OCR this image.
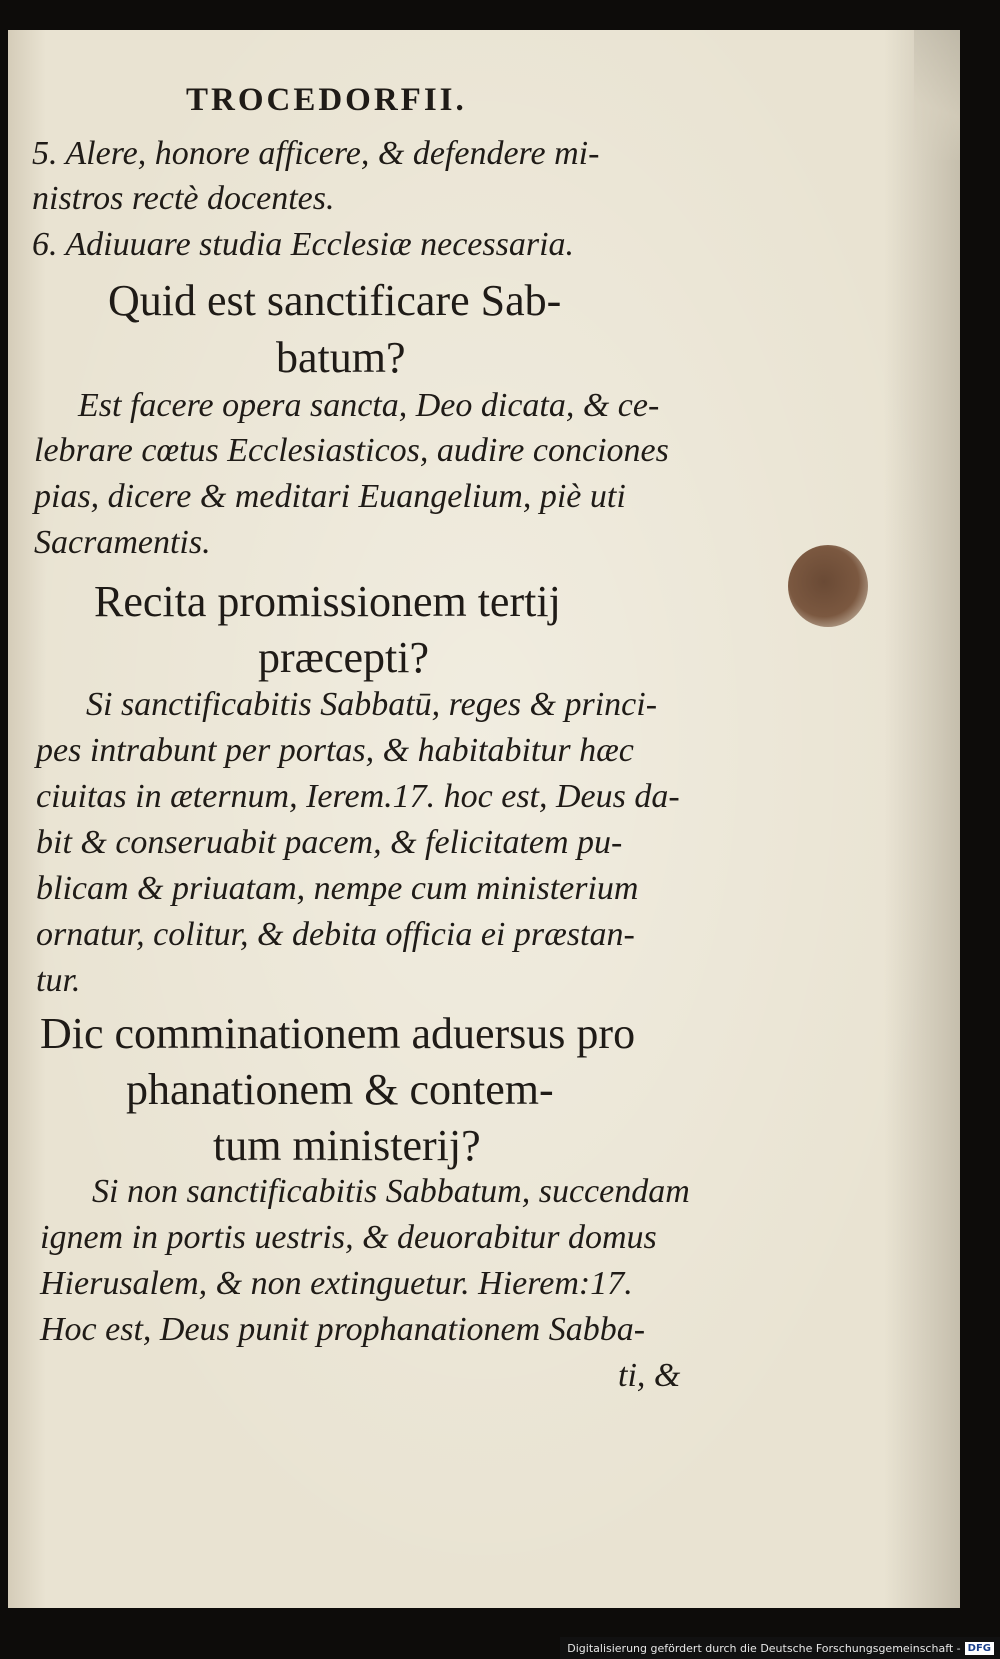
TROCEDORFII.
5. Alere, honore afficere, & defendere mi-
nistros rectè docentes.
6. Adiuuare studia Ecclesiæ necessaria.
Quid est sanctificare Sab-
batum?
Est facere opera sancta, Deo dicata, & ce-
lebrare cœtus Ecclesiasticos, audire conciones
pias, dicere & meditari Euangelium, piè uti
Sacramentis.
Recita promissionem tertij
præcepti?
Si sanctificabitis Sabbatū, reges & princi-
pes intrabunt per portas, & habitabitur hæc
ciuitas in æternum, Ierem.17. hoc est, Deus da-
bit & conseruabit pacem, & felicitatem pu-
blicam & priuatam, nempe cum ministerium
ornatur, colitur, & debita officia ei præstan-
tur.
Dic comminationem aduersus pro
phanationem & contem-
tum ministerij?
Si non sanctificabitis Sabbatum, succendam
ignem in portis uestris, & deuorabitur domus
Hierusalem, & non extinguetur. Hierem:17.
Hoc est, Deus punit prophanationem Sabba-
ti, &
Digitalisierung gefördert durch die Deutsche Forschungsgemeinschaft - DFG
